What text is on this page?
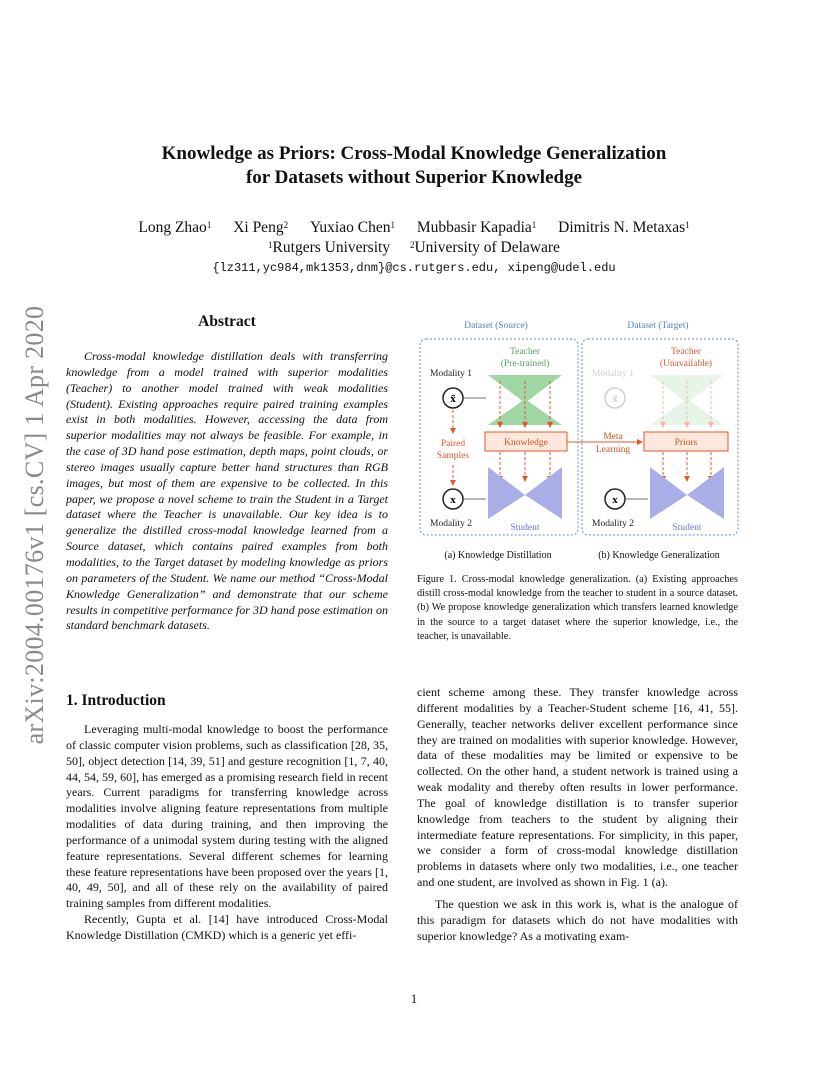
arXiv:2004.00176v1 [cs.CV] 1 Apr 2020
Knowledge as Priors: Cross-Modal Knowledge Generalization
for Datasets without Superior Knowledge
Long Zhao$^1$ Xi Peng$^2$ Yuxiao Chen$^1$ Mubbasir Kapadia$^1$ Dimitris N. Metaxas$^1$
$^1$Rutgers University $^2$University of Delaware
{lz311,yc984,mk1353,dnm}@cs.rutgers.edu, xipeng@udel.edu
Abstract
Cross-modal knowledge distillation deals with transferring knowledge from a model trained with superior modalities (Teacher) to another model trained with weak modalities (Student). Existing approaches require paired training examples exist in both modalities. However, accessing the data from superior modalities may not always be feasible. For example, in the case of 3D hand pose estimation, depth maps, point clouds, or stereo images usually capture better hand structures than RGB images, but most of them are expensive to be collected. In this paper, we propose a novel scheme to train the Student in a Target dataset where the Teacher is unavailable. Our key idea is to generalize the distilled cross-modal knowledge learned from a Source dataset, which contains paired examples from both modalities, to the Target dataset by modeling knowledge as priors on parameters of the Student. We name our method “Cross-Modal Knowledge Generalization” and demonstrate that our scheme results in competitive performance for 3D hand pose estimation on standard benchmark datasets.
Dataset (Source)	Dataset (Target)
Teacher
(Pre-trained)
Modality 1
x̃
Paired
Samples
Knowledge
x
Modality 2	Student
Meta
Learning
Teacher
(Unavailable)
Modality 1
x̃
Priors
x
Modality 2	Student
(a) Knowledge Distillation	(b) Knowledge Generalization
Figure 1. Cross-modal knowledge generalization. (a) Existing approaches distill cross-modal knowledge from the teacher to student in a source dataset. (b) We propose knowledge generalization which transfers learned knowledge in the source to a target dataset where the superior knowledge, i.e., the teacher, is unavailable.
1. Introduction

Leveraging multi-modal knowledge to boost the performance of classic computer vision problems, such as classification [28, 35, 50], object detection [14, 39, 51] and gesture recognition [1, 7, 40, 44, 54, 59, 60], has emerged as a promising research field in recent years. Current paradigms for transferring knowledge across modalities involve aligning feature representations from multiple modalities of data during training, and then improving the performance of a unimodal system during testing with the aligned feature representations. Several different schemes for learning these feature representations have been proposed over the years [1, 40, 49, 50], and all of these rely on the availability of paired training samples from different modalities.

Recently, Gupta et al. [14] have introduced Cross-Modal Knowledge Distillation (CMKD) which is a generic yet effi-

cient scheme among these. They transfer knowledge across different modalities by a Teacher-Student scheme [16, 41, 55]. Generally, teacher networks deliver excellent performance since they are trained on modalities with superior knowledge. However, data of these modalities may be limited or expensive to be collected. On the other hand, a student network is trained using a weak modality and thereby often results in lower performance. The goal of knowledge distillation is to transfer superior knowledge from teachers to the student by aligning their intermediate feature representations. For simplicity, in this paper, we consider a form of cross-modal knowledge distillation problems in datasets where only two modalities, i.e., one teacher and one student, are involved as shown in Fig. 1 (a).

The question we ask in this work is, what is the analogue of this paradigm for datasets which do not have modalities with superior knowledge? As a motivating exam-

1
